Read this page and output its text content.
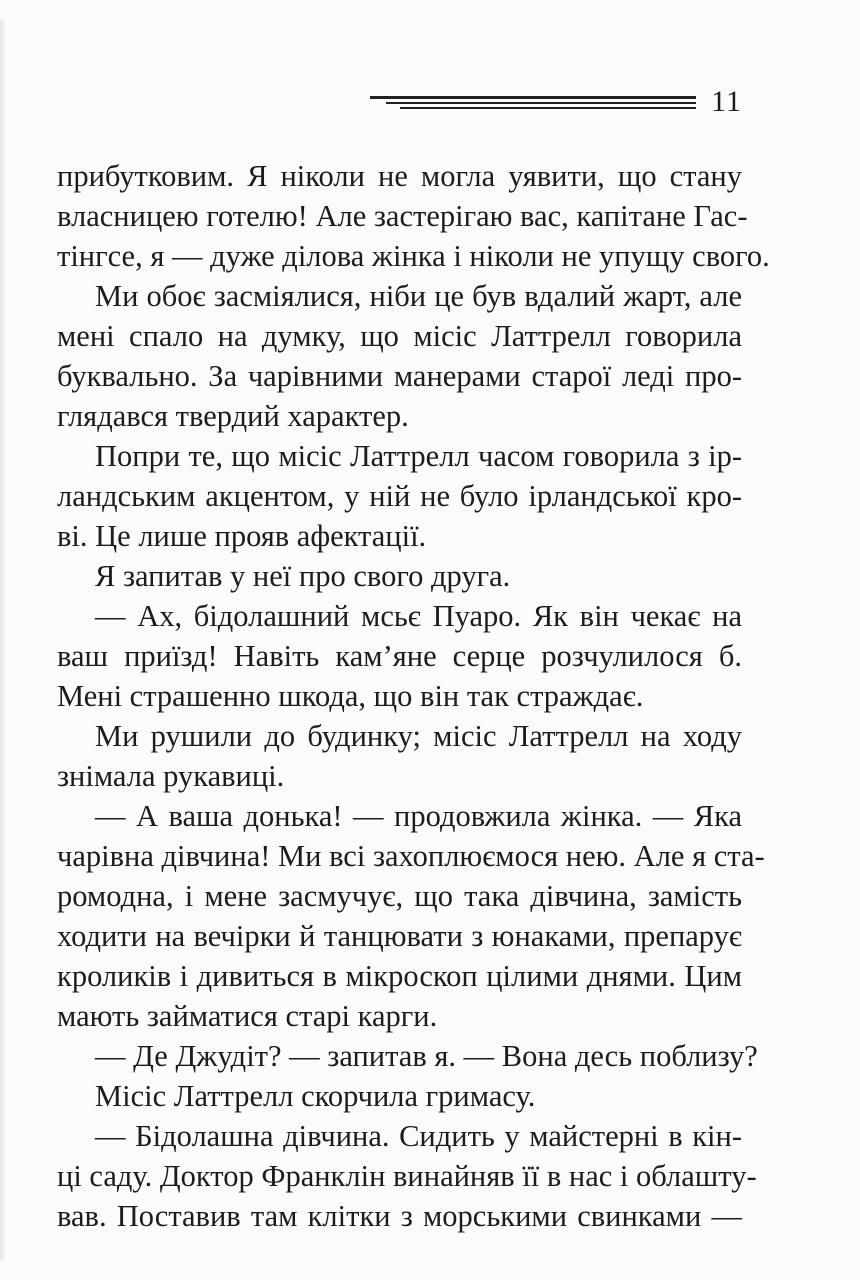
11
прибутковим. Я ніколи не могла уявити, що стану
власницею готелю! Але застерігаю вас, капітане Гас-
тінгсе, я — дуже ділова жінка і ніколи не упущу свого.
Ми обоє засміялися, ніби це був вдалий жарт, але
мені спало на думку, що місіс Латтрелл говорила
буквально. За чарівними манерами старої леді про-
глядався твердий характер.
Попри те, що місіс Латтрелл часом говорила з ір-
ландським акцентом, у ній не було ірландської кро-
ві. Це лише прояв афектації.
Я запитав у неї про свого друга.
— Ах, бідолашний мсьє Пуаро. Як він чекає на
ваш приїзд! Навіть кам’яне серце розчулилося б.
Мені страшенно шкода, що він так страждає.
Ми рушили до будинку; місіс Латтрелл на ходу
знімала рукавиці.
— А ваша донька! — продовжила жінка. — Яка
чарівна дівчина! Ми всі захоплюємося нею. Але я ста-
ромодна, і мене засмучує, що така дівчина, замість
ходити на вечірки й танцювати з юнаками, препарує
кроликів і дивиться в мікроскоп цілими днями. Цим
мають займатися старі карги.
— Де Джудіт? — запитав я. — Вона десь поблизу?
Місіс Латтрелл скорчила гримасу.
— Бідолашна дівчина. Сидить у майстерні в кін-
ці саду. Доктор Франклін винайняв її в нас і облашту-
вав. Поставив там клітки з морськими свинками —
